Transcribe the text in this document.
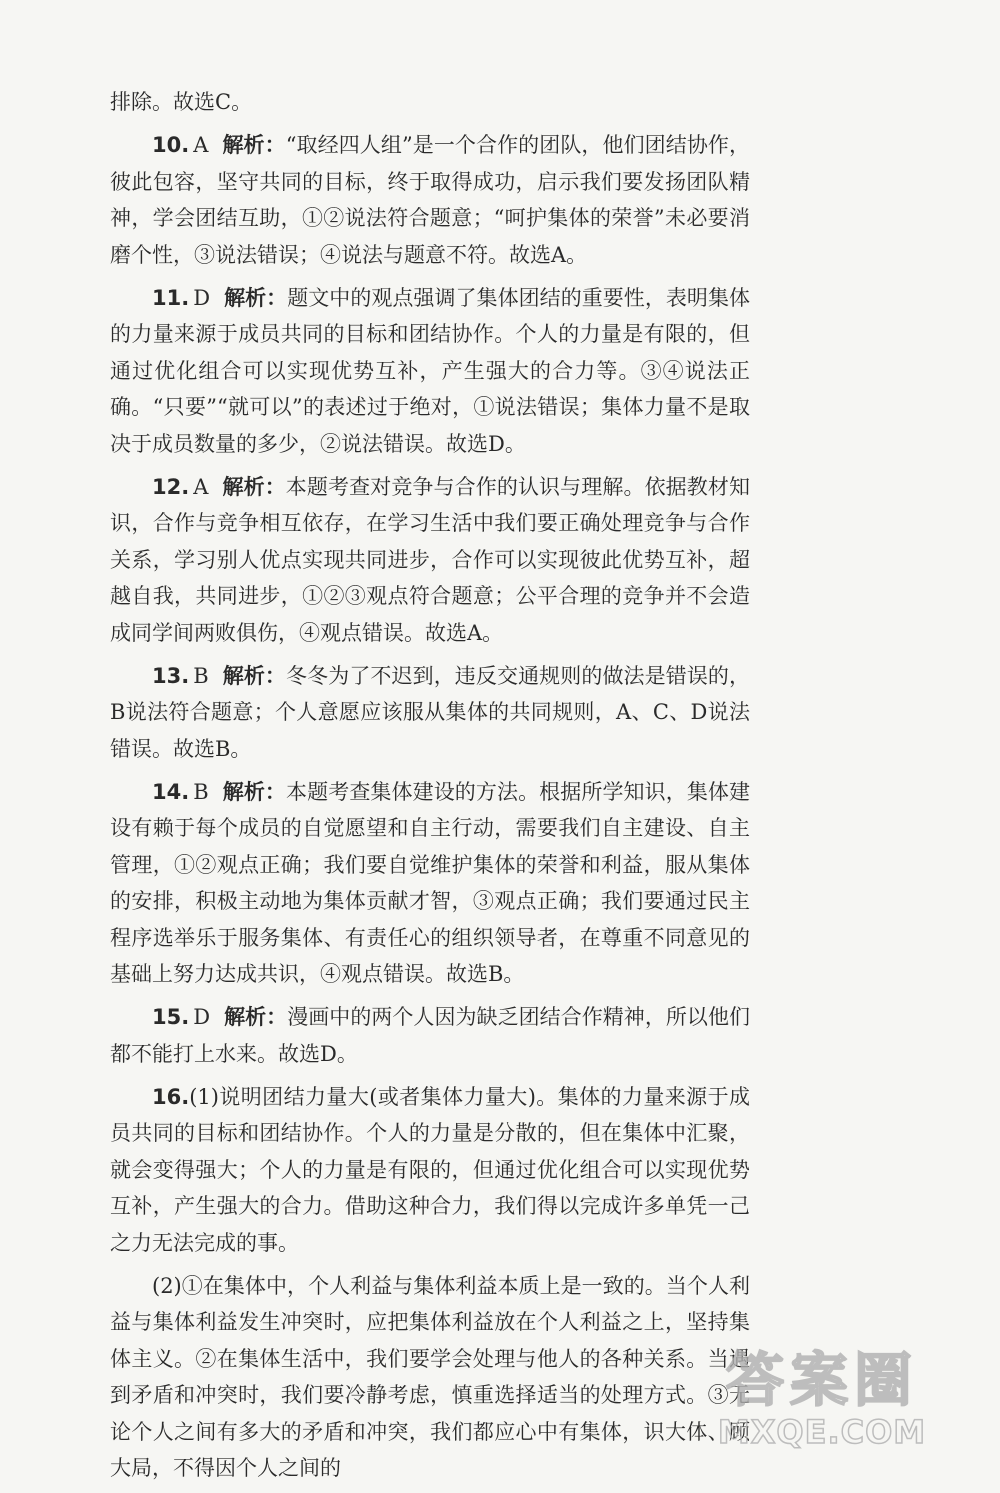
排除。故选C。

10. A 解析：“取经四人组”是一个合作的团队，他们团结协作，彼此包容，坚守共同的目标，终于取得成功，启示我们要发扬团队精神，学会团结互助，①②说法符合题意；“呵护集体的荣誉”未必要消磨个性，③说法错误；④说法与题意不符。故选A。

11. D 解析：题文中的观点强调了集体团结的重要性，表明集体的力量来源于成员共同的目标和团结协作。个人的力量是有限的，但通过优化组合可以实现优势互补，产生强大的合力等。③④说法正确。“只要”“就可以”的表述过于绝对，①说法错误；集体力量不是取决于成员数量的多少，②说法错误。故选D。

12. A 解析：本题考查对竞争与合作的认识与理解。依据教材知识，合作与竞争相互依存，在学习生活中我们要正确处理竞争与合作关系，学习别人优点实现共同进步，合作可以实现彼此优势互补，超越自我，共同进步，①②③观点符合题意；公平合理的竞争并不会造成同学间两败俱伤，④观点错误。故选A。

13. B 解析：冬冬为了不迟到，违反交通规则的做法是错误的，B说法符合题意；个人意愿应该服从集体的共同规则，A、C、D说法错误。故选B。

14. B 解析：本题考查集体建设的方法。根据所学知识，集体建设有赖于每个成员的自觉愿望和自主行动，需要我们自主建设、自主管理，①②观点正确；我们要自觉维护集体的荣誉和利益，服从集体的安排，积极主动地为集体贡献才智，③观点正确；我们要通过民主程序选举乐于服务集体、有责任心的组织领导者，在尊重不同意见的基础上努力达成共识，④观点错误。故选B。

15. D 解析：漫画中的两个人因为缺乏团结合作精神，所以他们都不能打上水来。故选D。

16.(1)说明团结力量大(或者集体力量大)。集体的力量来源于成员共同的目标和团结协作。个人的力量是分散的，但在集体中汇聚，就会变得强大；个人的力量是有限的，但通过优化组合可以实现优势互补，产生强大的合力。借助这种合力，我们得以完成许多单凭一己之力无法完成的事。

(2)①在集体中，个人利益与集体利益本质上是一致的。当个人利益与集体利益发生冲突时，应把集体利益放在个人利益之上，坚持集体主义。②在集体生活中，我们要学会处理与他人的各种关系。当遇到矛盾和冲突时，我们要冷静考虑，慎重选择适当的处理方式。③无论个人之间有多大的矛盾和冲突，我们都应心中有集体，识大体、顾大局，不得因个人之间的

答案圈
MXQE.COM
